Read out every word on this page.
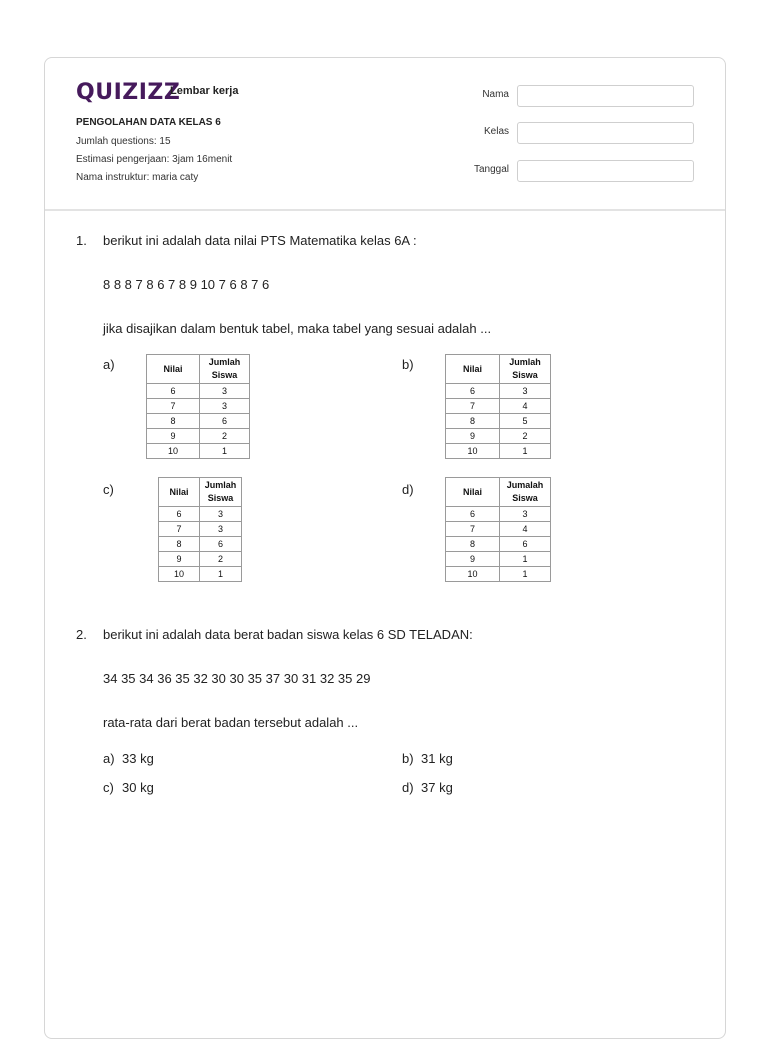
QUIZIZZ
Lembar kerja
PENGOLAHAN DATA KELAS 6
Jumlah questions: 15
Estimasi pengerjaan: 3jam 16menit
Nama instruktur: maria caty
Nama
Kelas
Tanggal
1. berikut ini adalah data nilai PTS Matematika kelas 6A :
8 8 8 7 8 6 7 8 9 10 7 6 8 7 6
jika disajikan dalam bentuk tabel, maka tabel yang sesuai adalah ...
a)	Nilai	Jumlah
Siswa
6	3
7	3
8	6
9	2
10	1
b)	Nilai	Jumlah
Siswa
6	3
7	4
8	5
9	2
10	1
c)	Nilai	Jumlah
Siswa
6	3
7	3
8	6
9	2
10	1
d)	Nilai	Jumalah
Siswa
6	3
7	4
8	6
9	1
10	1
2. berikut ini adalah data berat badan siswa kelas 6 SD TELADAN:
34 35 34 36 35 32 30 30 35 37 30 31 32 35 29
rata-rata dari berat badan tersebut adalah ...
a) 33 kg	b) 31 kg
c) 30 kg	d) 37 kg
